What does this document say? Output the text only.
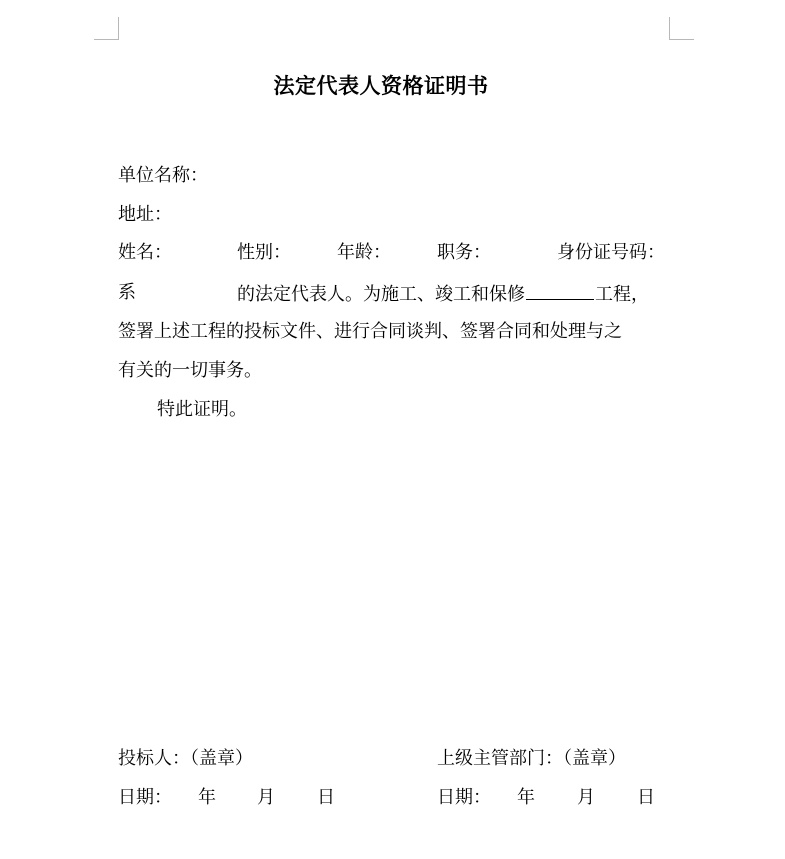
法定代表人资格证明书
单位名称：
地址：
姓名：	性别：	年龄：	职务：	身份证号码：
系	的法定代表人。为施工、竣工和保修	工程，
签署上述工程的投标文件、进行合同谈判、签署合同和处理与之
有关的一切事务。
特此证明。
投标人：（盖章）	上级主管部门：（盖章）
日期： 年 月 日	日期： 年 月 日
